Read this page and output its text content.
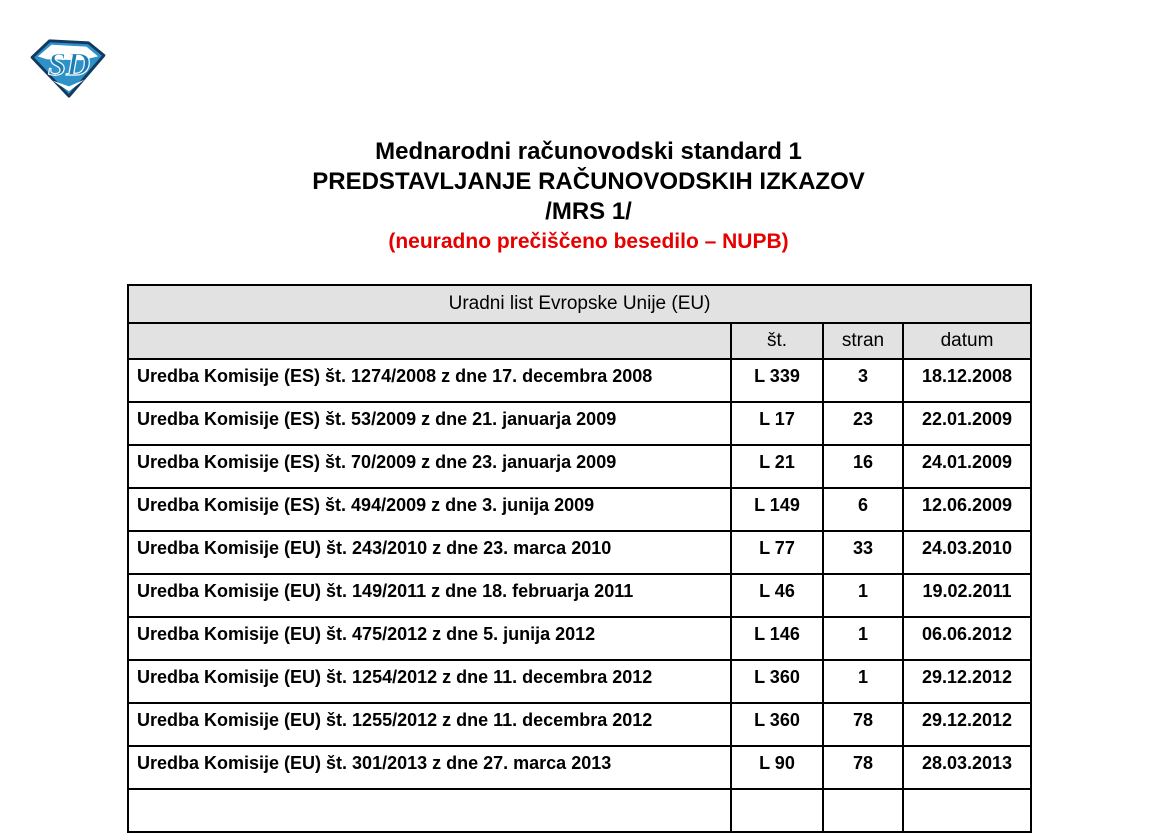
SD
Mednarodni računovodski standard 1
PREDSTAVLJANJE RAČUNOVODSKIH IZKAZOV
/MRS 1/
(neuradno prečiščeno besedilo – NUPB)
Uradni list Evropske Unije (EU)			
	št.	stran	datum
Uredba Komisije (ES) št. 1274/2008 z dne 17. decembra 2008	L 339	3	18.12.2008
Uredba Komisije (ES) št. 53/2009 z dne 21. januarja 2009	L 17	23	22.01.2009
Uredba Komisije (ES) št. 70/2009 z dne 23. januarja 2009	L 21	16	24.01.2009
Uredba Komisije (ES) št. 494/2009 z dne 3. junija 2009	L 149	6	12.06.2009
Uredba Komisije (EU) št. 243/2010 z dne 23. marca 2010	L 77	33	24.03.2010
Uredba Komisije (EU) št. 149/2011 z dne 18. februarja 2011	L 46	1	19.02.2011
Uredba Komisije (EU) št. 475/2012 z dne 5. junija 2012	L 146	1	06.06.2012
Uredba Komisije (EU) št. 1254/2012 z dne 11. decembra 2012	L 360	1	29.12.2012
Uredba Komisije (EU) št. 1255/2012 z dne 11. decembra 2012	L 360	78	29.12.2012
Uredba Komisije (EU) št. 301/2013 z dne 27. marca 2013	L 90	78	28.03.2013
